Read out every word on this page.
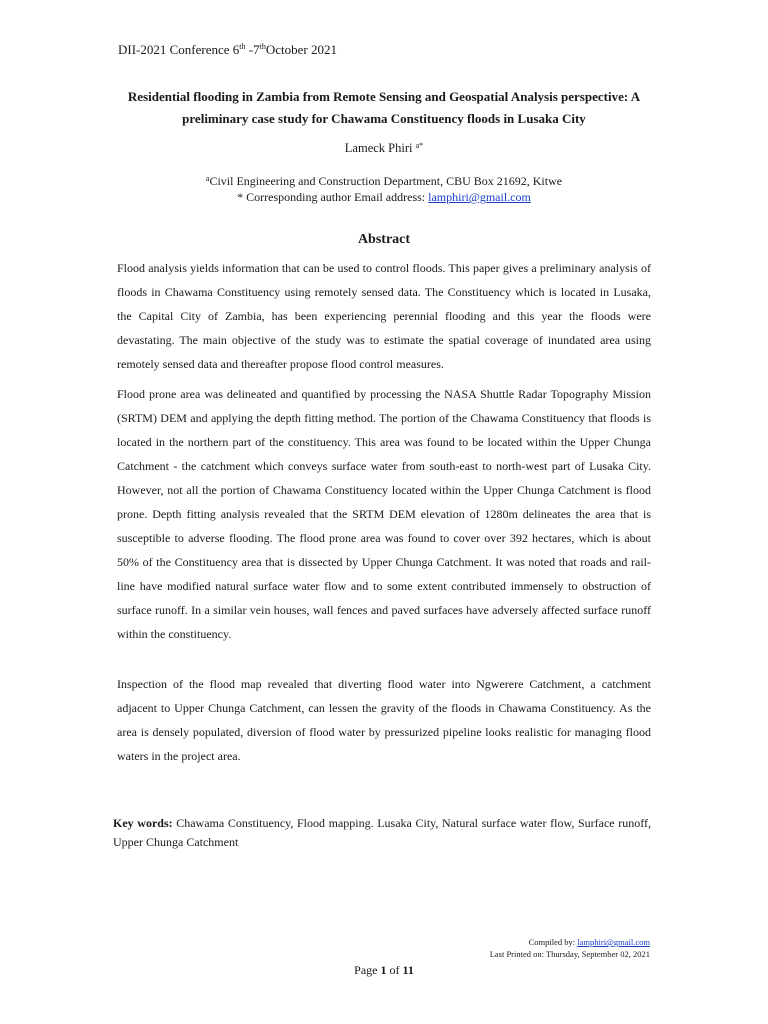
DII-2021 Conference 6th -7thOctober 2021
Residential flooding in Zambia from Remote Sensing and Geospatial Analysis perspective: A preliminary case study for Chawama Constituency floods in Lusaka City
Lameck Phiri $^{a*}$
$^a$Civil Engineering and Construction Department, CBU Box 21692, Kitwe
* Corresponding author Email address: lamphiri@gmail.com
Abstract
Flood analysis yields information that can be used to control floods. This paper gives a preliminary analysis of floods in Chawama Constituency using remotely sensed data. The Constituency which is located in Lusaka, the Capital City of Zambia, has been experiencing perennial flooding and this year the floods were devastating. The main objective of the study was to estimate the spatial coverage of inundated area using remotely sensed data and thereafter propose flood control measures.
Flood prone area was delineated and quantified by processing the NASA Shuttle Radar Topography Mission (SRTM) DEM and applying the depth fitting method. The portion of the Chawama Constituency that floods is located in the northern part of the constituency. This area was found to be located within the Upper Chunga Catchment - the catchment which conveys surface water from south-east to north-west part of Lusaka City. However, not all the portion of Chawama Constituency located within the Upper Chunga Catchment is flood prone. Depth fitting analysis revealed that the SRTM DEM elevation of 1280m delineates the area that is susceptible to adverse flooding. The flood prone area was found to cover over 392 hectares, which is about 50% of the Constituency area that is dissected by Upper Chunga Catchment. It was noted that roads and rail-line have modified natural surface water flow and to some extent contributed immensely to obstruction of surface runoff. In a similar vein houses, wall fences and paved surfaces have adversely affected surface runoff within the constituency.
Inspection of the flood map revealed that diverting flood water into Ngwerere Catchment, a catchment adjacent to Upper Chunga Catchment, can lessen the gravity of the floods in Chawama Constituency. As the area is densely populated, diversion of flood water by pressurized pipeline looks realistic for managing flood waters in the project area.
Key words: Chawama Constituency, Flood mapping. Lusaka City, Natural surface water flow, Surface runoff, Upper Chunga Catchment
Compiled by: lamphiri@gmail.com
Last Printed on: Thursday, September 02, 2021
Page 1 of 11
